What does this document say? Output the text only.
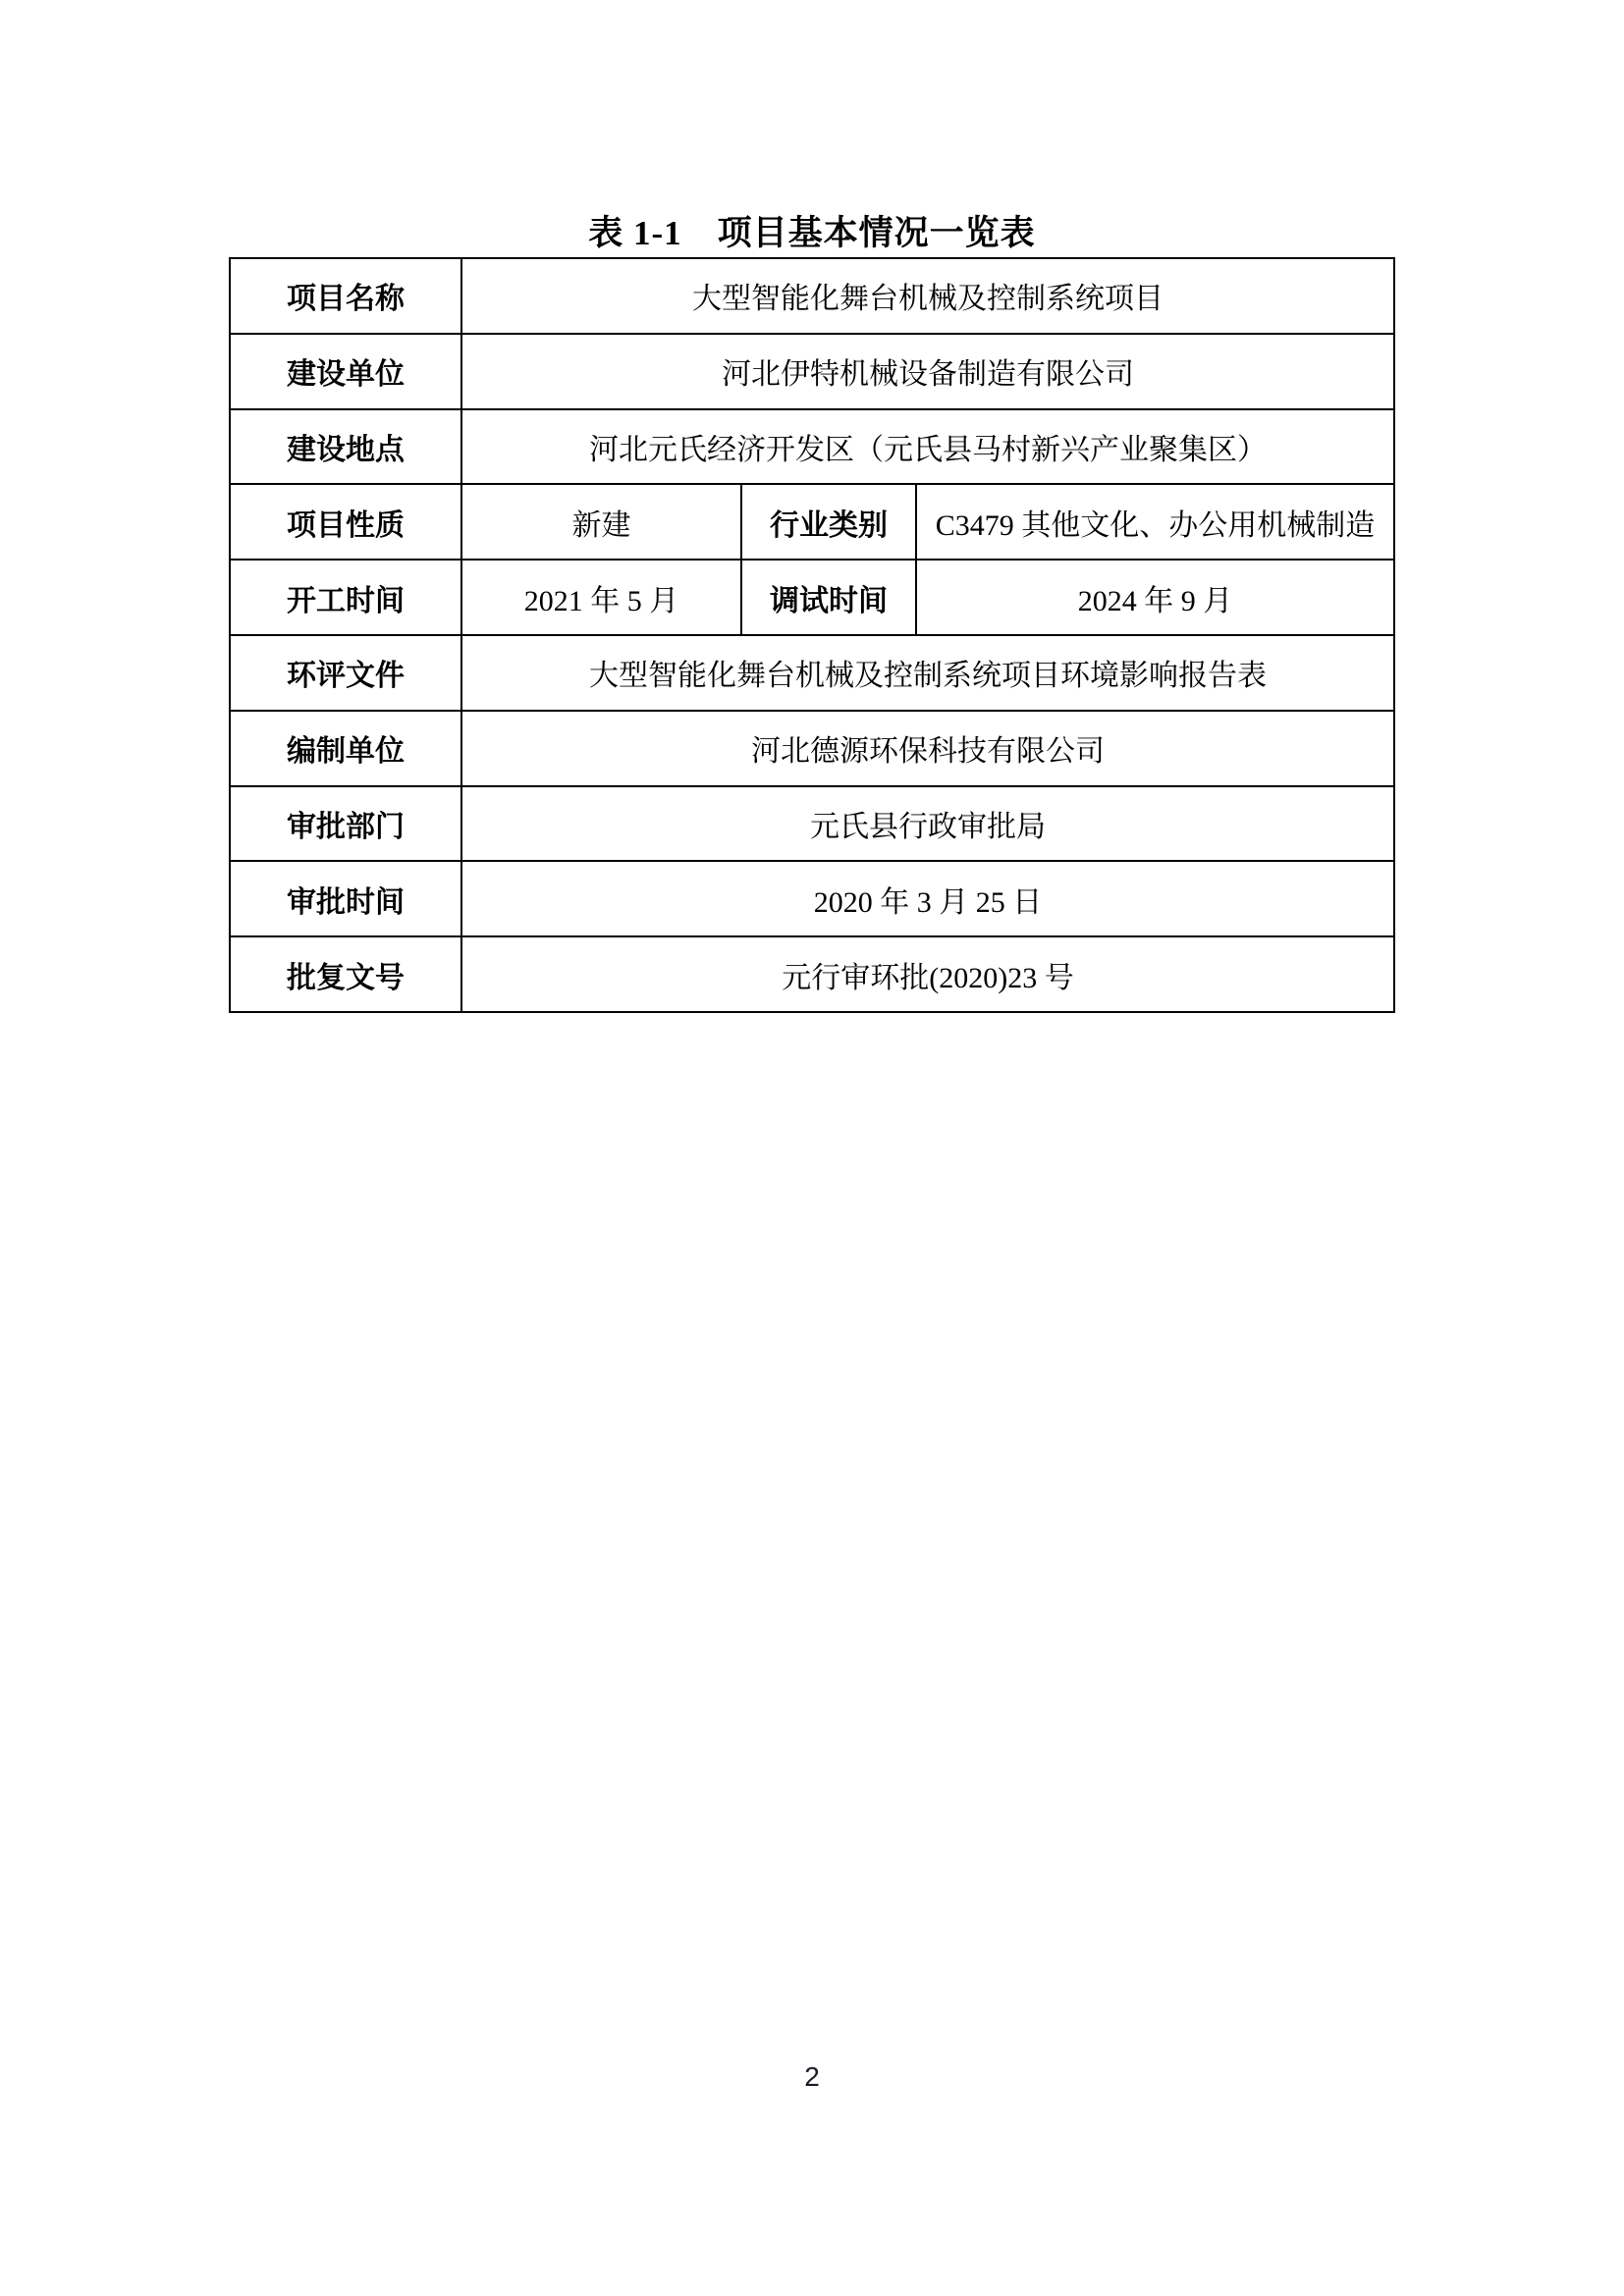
表 1-1　项目基本情况一览表
项目名称	大型智能化舞台机械及控制系统项目		
建设单位	河北伊特机械设备制造有限公司		
建设地点	河北元氏经济开发区（元氏县马村新兴产业聚集区）		
项目性质	新建	行业类别	C3479 其他文化、办公用机械制造
开工时间	2021 年 5 月	调试时间	2024 年 9 月
环评文件	大型智能化舞台机械及控制系统项目环境影响报告表		
编制单位	河北德源环保科技有限公司		
审批部门	元氏县行政审批局		
审批时间	2020 年 3 月 25 日		
批复文号	元行审环批(2020)23 号		
2
